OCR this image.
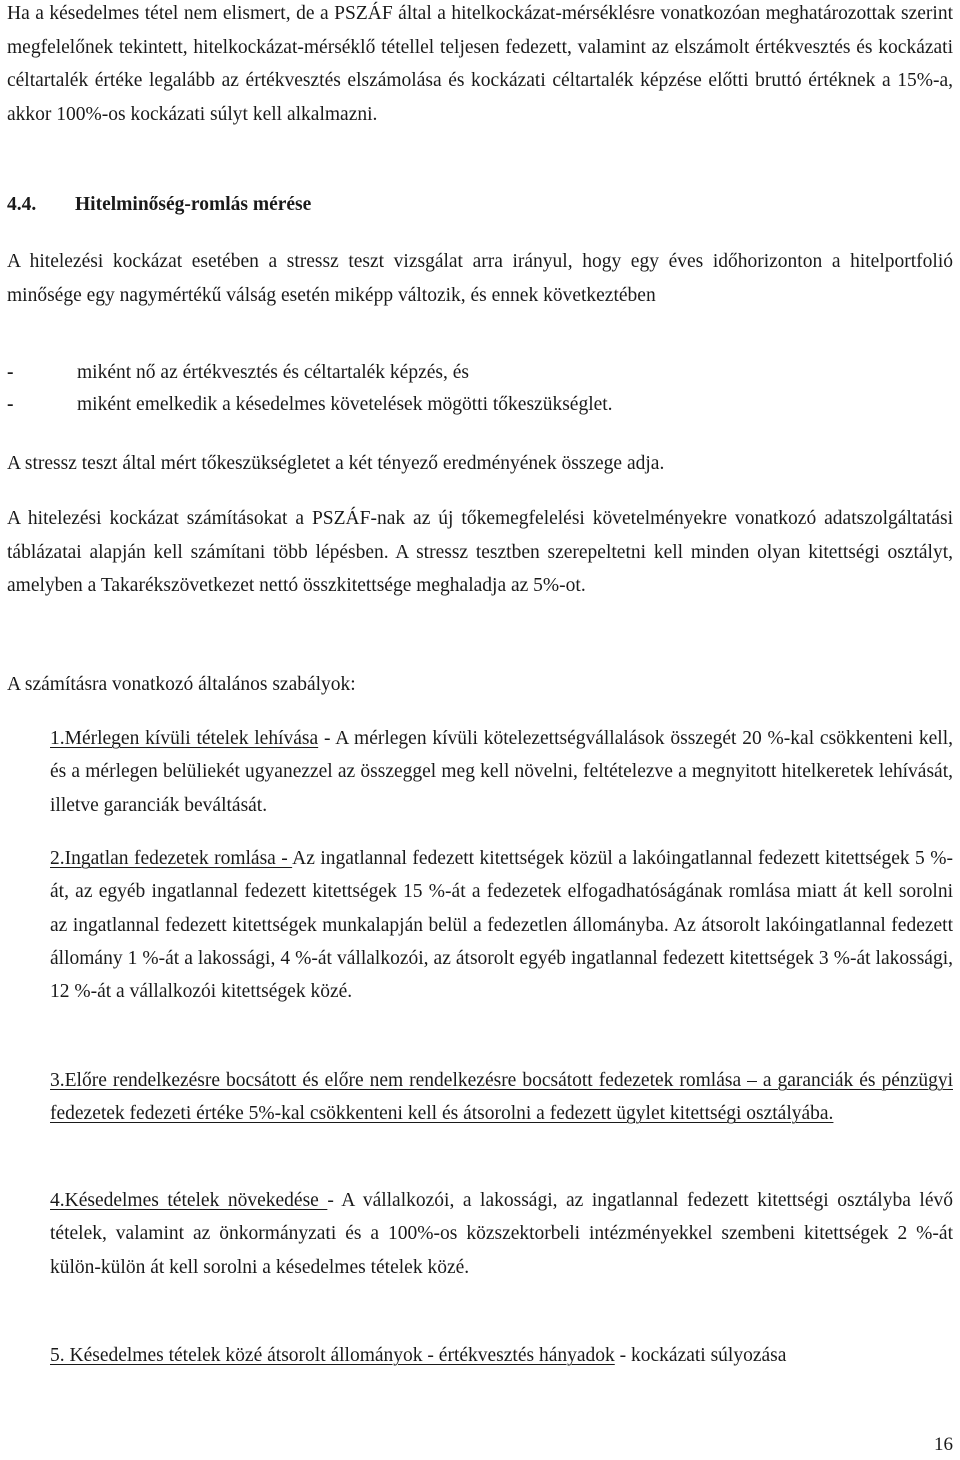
Ha a késedelmes tétel nem elismert, de a PSZÁF által a hitelkockázat-mérséklésre vonatkozóan meghatározottak szerint megfelelőnek tekintett, hitelkockázat-mérséklő tétellel teljesen fedezett, valamint az elszámolt értékvesztés és kockázati céltartalék értéke legalább az értékvesztés elszámolása és kockázati céltartalék képzése előtti bruttó értéknek a 15%-a, akkor 100%-os kockázati súlyt kell alkalmazni.

4.4. Hitelminőség-romlás mérése

A hitelezési kockázat esetében a stressz teszt vizsgálat arra irányul, hogy egy éves időhorizonton a hitelportfolió minősége egy nagymértékű válság esetén miképp változik, és ennek következtében

-	miként nő az értékvesztés és céltartalék képzés, és
-	miként emelkedik a késedelmes követelések mögötti tőkeszükséglet.

A stressz teszt által mért tőkeszükségletet a két tényező eredményének összege adja.

A hitelezési kockázat számításokat a PSZÁF-nak az új tőkemegfelelési követelményekre vonatkozó adatszolgáltatási táblázatai alapján kell számítani több lépésben. A stressz tesztben szerepeltetni kell minden olyan kitettségi osztályt, amelyben a Takarékszövetkezet nettó összkitettsége meghaladja az 5%-ot.

A számításra vonatkozó általános szabályok:

1.Mérlegen kívüli tételek lehívása - A mérlegen kívüli kötelezettségvállalások összegét 20 %-kal csökkenteni kell, és a mérlegen belüliekét ugyanezzel az összeggel meg kell növelni, feltételezve a megnyitott hitelkeretek lehívását, illetve garanciák beváltását.

2.Ingatlan fedezetek romlása - Az ingatlannal fedezett kitettségek közül a lakóingatlannal fedezett kitettségek 5 %-át, az egyéb ingatlannal fedezett kitettségek 15 %-át a fedezetek elfogadhatóságának romlása miatt át kell sorolni az ingatlannal fedezett kitettségek munkalapján belül a fedezetlen állományba. Az átsorolt lakóingatlannal fedezett állomány 1 %-át a lakossági, 4 %-át vállalkozói, az átsorolt egyéb ingatlannal fedezett kitettségek 3 %-át lakossági, 12 %-át a vállalkozói kitettségek közé.

3.Előre rendelkezésre bocsátott és előre nem rendelkezésre bocsátott fedezetek romlása – a garanciák és pénzügyi fedezetek fedezeti értéke 5%-kal csökkenteni kell és átsorolni a fedezett ügylet kitettségi osztályába.

4.Késedelmes tételek növekedése - A vállalkozói, a lakossági, az ingatlannal fedezett kitettségi osztályba lévő tételek, valamint az önkormányzati és a 100%-os közszektorbeli intézményekkel szembeni kitettségek 2 %-át külön-külön át kell sorolni a késedelmes tételek közé.

5. Késedelmes tételek közé átsorolt állományok - értékvesztés hányadok - kockázati súlyozása

16
